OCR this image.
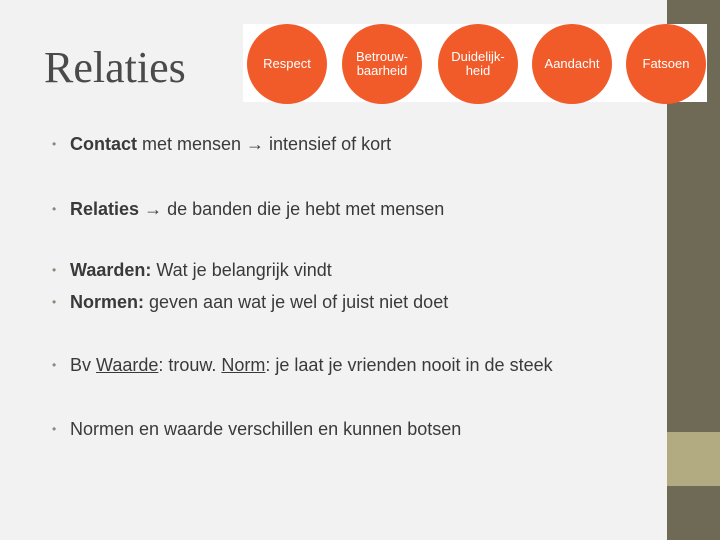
Relaties	Respect	Betrouw-
baarheid
Duidelijk-
heid	Aandacht	Fatsoen
• Contact met mensen → intensief of kort
• Relaties → de banden die je hebt met mensen
• Waarden: Wat je belangrijk vindt
• Normen: geven aan wat je wel of juist niet doet
• Bv Waarde: trouw. Norm: je laat je vrienden nooit in de steek
• Normen en waarde verschillen en kunnen botsen
